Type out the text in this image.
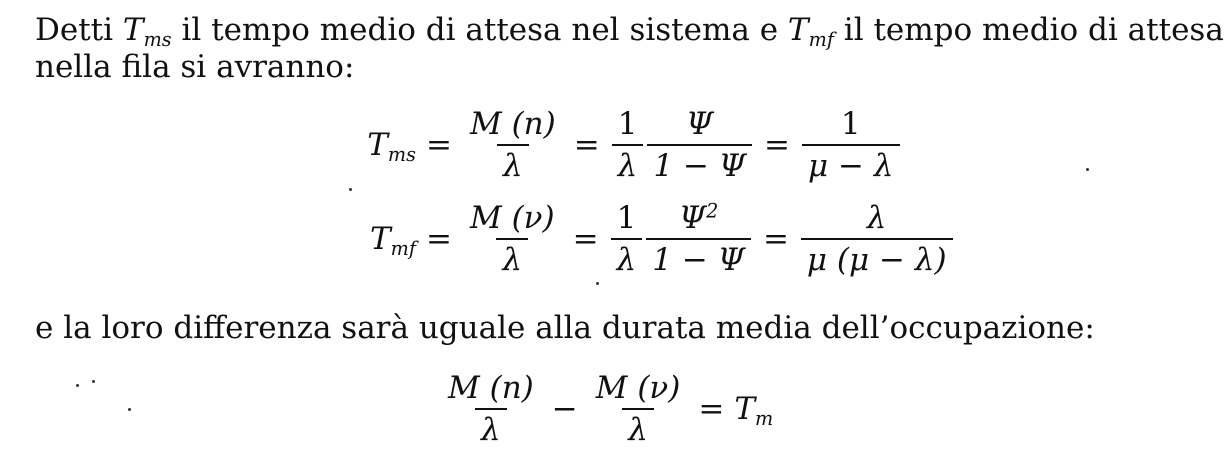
Detti $T_{ms}$ il tempo medio di attesa nel sistema e $T_{mf}$ il tempo medio di attesa
nella fila si avranno:
$T_{ms} = \frac{M (n)}{\lambda} = \frac{1}{\lambda} \frac{\Psi}{1 - \Psi} = \frac{1}{\mu - \lambda}$
$T_{mf} = \frac{M (\nu)}{\lambda} = \frac{1}{\lambda} \frac{\Psi^2}{1 - \Psi} = \frac{\lambda}{\mu (\mu - \lambda)}$
e la loro differenza sarà uguale alla durata media dell’occupazione:
$\frac{M (n)}{\lambda} - \frac{M (\nu)}{\lambda} = T_m$
